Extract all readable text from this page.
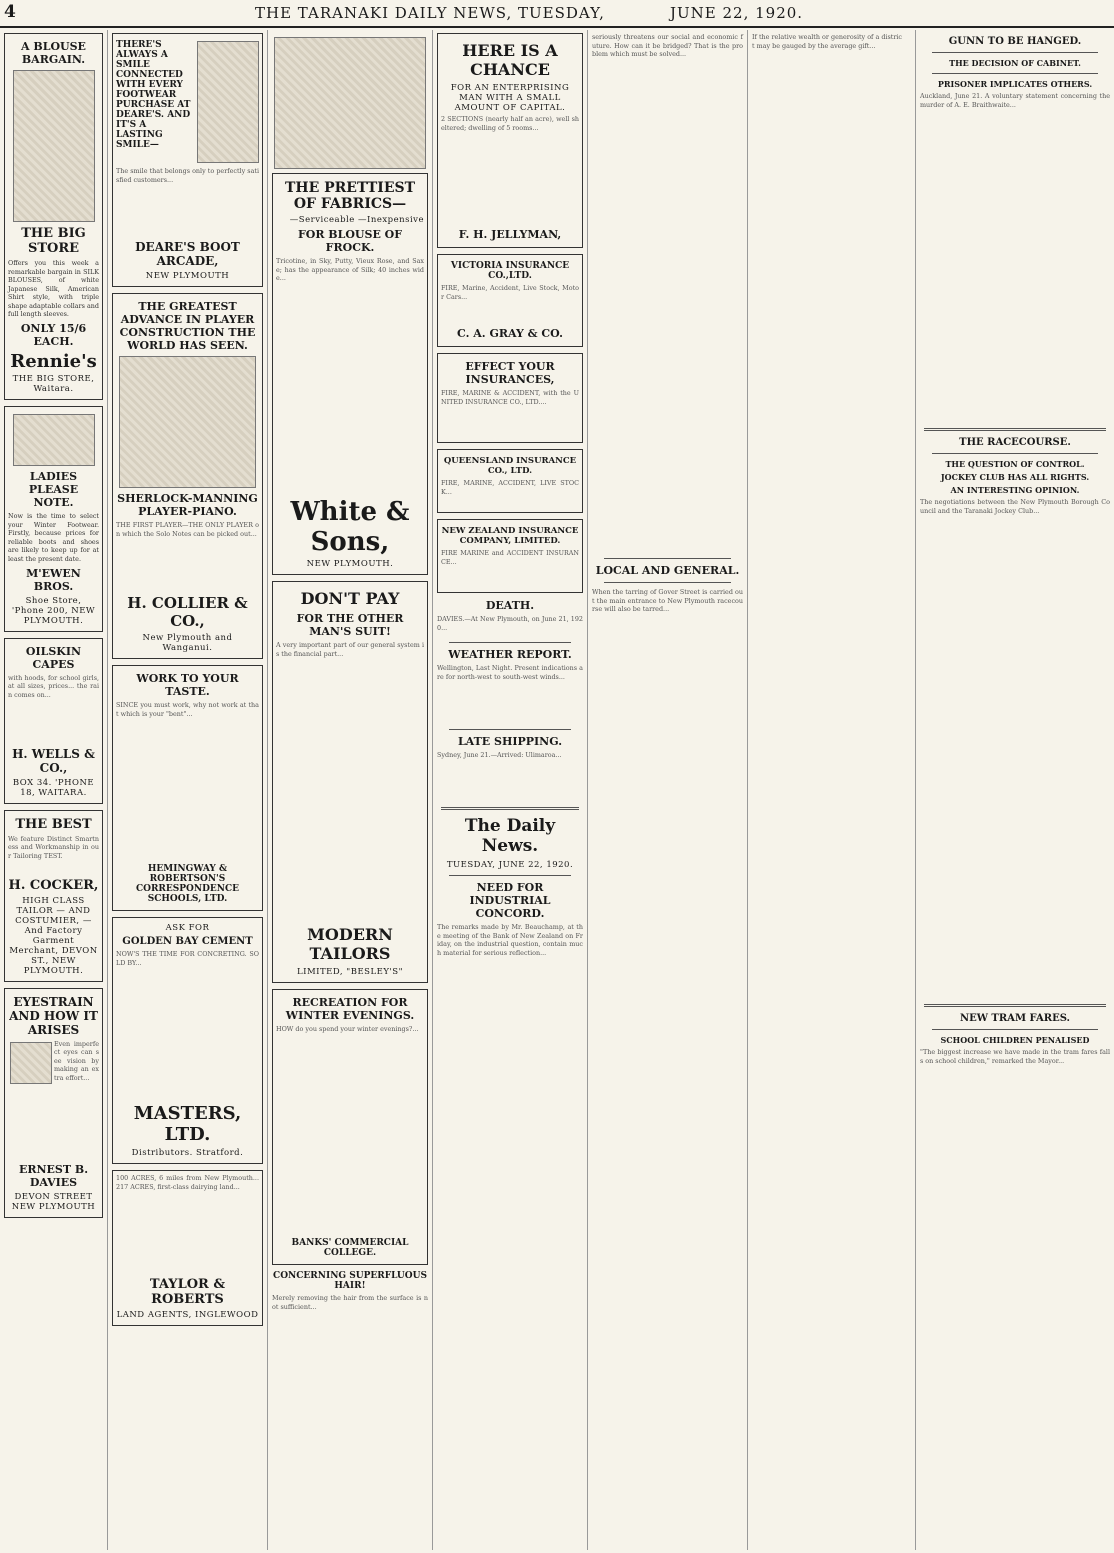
4	THE TARANAKI DAILY NEWS, TUESDAY,	JUNE 22, 1920.
A BLOUSE BARGAIN.
THE BIG STORE
Offers you this week a remarkable bargain in SILK BLOUSES, of white Japanese Silk, American Shirt style, with triple shape adaptable collars and full length sleeves.
ONLY 15/6 EACH.
Rennie's
THE BIG STORE, Waitara.
LADIES PLEASE NOTE.
Now is the time to select your Winter Footwear. Firstly, because prices for reliable boots and shoes are likely to keep up for at least the present date.
M'EWEN BROS.
Shoe Store, 'Phone 200, NEW PLYMOUTH.
OILSKIN CAPES
with hoods, for school girls, at all sizes, prices... the rain comes on...
H. WELLS & CO.,
BOX 34. 'PHONE 18, WAITARA.
THE BEST
We feature Distinct Smartness and Workmanship in our Tailoring TEST.
H. COCKER,
HIGH CLASS TAILOR — AND COSTUMIER, — And Factory Garment Merchant, DEVON ST., NEW PLYMOUTH.
EYESTRAIN AND HOW IT ARISES
Even imperfect eyes can see vision by making an extra effort...
ERNEST B. DAVIES
DEVON STREET NEW PLYMOUTH
THERE'S ALWAYS A SMILE CONNECTED WITH EVERY FOOTWEAR PURCHASE AT DEARE'S. AND IT'S A LASTING SMILE—
The smile that belongs only to perfectly satisfied customers...
DEARE'S BOOT ARCADE,
NEW PLYMOUTH
THE GREATEST ADVANCE IN PLAYER CONSTRUCTION THE WORLD HAS SEEN.
SHERLOCK-MANNING PLAYER-PIANO.
THE FIRST PLAYER—THE ONLY PLAYER on which the Solo Notes can be picked out...
H. COLLIER & CO.,
New Plymouth and Wanganui.
WORK TO YOUR TASTE.
SINCE you must work, why not work at that which is your "bent"...
HEMINGWAY & ROBERTSON'S CORRESPONDENCE SCHOOLS, LTD.
ASK FOR
GOLDEN BAY CEMENT
NOW'S THE TIME FOR CONCRETING. SOLD BY...
MASTERS, LTD.
Distributors. Stratford.
100 ACRES, 6 miles from New Plymouth... 217 ACRES, first-class dairying land...
TAYLOR & ROBERTS
LAND AGENTS, INGLEWOOD
THE PRETTIEST OF FABRICS—
—Serviceable —Inexpensive
FOR BLOUSE OF FROCK.
Tricotine, in Sky, Putty, Vieux Rose, and Saxe; has the appearance of Silk; 40 inches wide...
White & Sons,
NEW PLYMOUTH.
DON'T PAY
FOR THE OTHER MAN'S SUIT!
A very important part of our general system is the financial part...
MODERN TAILORS
LIMITED, "BESLEY'S"
RECREATION FOR WINTER EVENINGS.
HOW do you spend your winter evenings?...
BANKS' COMMERCIAL COLLEGE.
CONCERNING SUPERFLUOUS HAIR!
Merely removing the hair from the surface is not sufficient...
HERE IS A CHANCE
FOR AN ENTERPRISING MAN WITH A SMALL AMOUNT OF CAPITAL.
2 SECTIONS (nearly half an acre), well sheltered; dwelling of 5 rooms...
F. H. JELLYMAN,
VICTORIA INSURANCE CO.,LTD.
FIRE, Marine, Accident, Live Stock, Motor Cars...
C. A. GRAY & CO.
EFFECT YOUR INSURANCES,
FIRE, MARINE & ACCIDENT, with the UNITED INSURANCE CO., LTD....
QUEENSLAND INSURANCE CO., LTD.
FIRE, MARINE, ACCIDENT, LIVE STOCK...
NEW ZEALAND INSURANCE COMPANY, LIMITED.
FIRE MARINE and ACCIDENT INSURANCE...
DEATH.
DAVIES.—At New Plymouth, on June 21, 1920...
WEATHER REPORT.
Wellington, Last Night. Present indications are for north-west to south-west winds...
LATE SHIPPING.
Sydney, June 21.—Arrived: Ulimaroa...
The Daily News.
TUESDAY, JUNE 22, 1920.
NEED FOR INDUSTRIAL CONCORD.
The remarks made by Mr. Beauchamp, at the meeting of the Bank of New Zealand on Friday, on the industrial question, contain much material for serious reflection...
seriously threatens our social and economic future. How can it be bridged? That is the problem which must be solved...
LOCAL AND GENERAL.
When the tarring of Gover Street is carried out the main entrance to New Plymouth racecourse will also be tarred...
If the relative wealth or generosity of a district may be gauged by the average gift...	GUNN TO BE HANGED.
THE DECISION OF CABINET.
PRISONER IMPLICATES OTHERS.
Auckland, June 21. A voluntary statement concerning the murder of A. E. Braithwaite...
THE RACECOURSE.
THE QUESTION OF CONTROL.
JOCKEY CLUB HAS ALL RIGHTS.
AN INTERESTING OPINION.
The negotiations between the New Plymouth Borough Council and the Taranaki Jockey Club...
NEW TRAM FARES.
SCHOOL CHILDREN PENALISED
"The biggest increase we have made in the tram fares falls on school children," remarked the Mayor...
